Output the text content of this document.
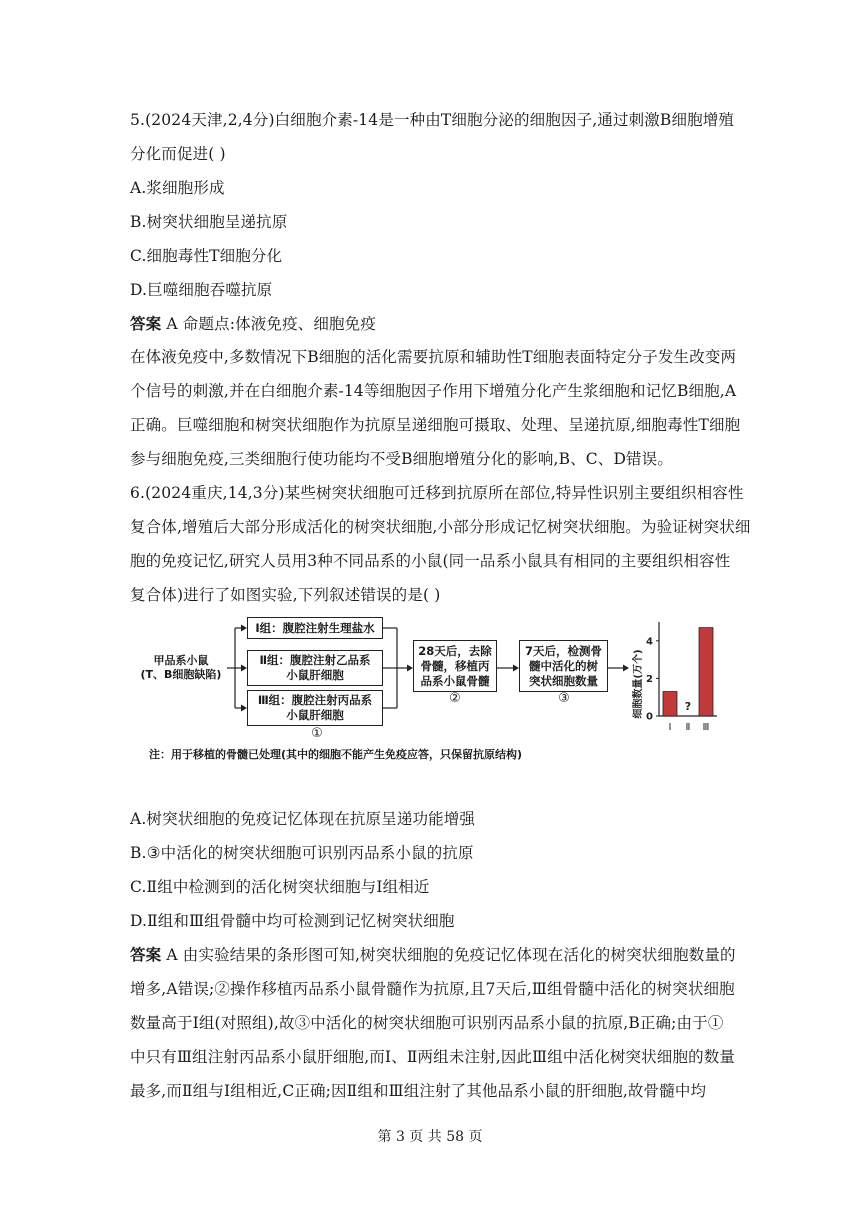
5.(2024天津,2,4分)白细胞介素-14是一种由T细胞分泌的细胞因子,通过刺激B细胞增殖
分化而促进( )
A.浆细胞形成
B.树突状细胞呈递抗原
C.细胞毒性T细胞分化
D.巨噬细胞吞噬抗原
答案 A 命题点:体液免疫、细胞免疫
在体液免疫中,多数情况下B细胞的活化需要抗原和辅助性T细胞表面特定分子发生改变两
个信号的刺激,并在白细胞介素-14等细胞因子作用下增殖分化产生浆细胞和记忆B细胞,A
正确。巨噬细胞和树突状细胞作为抗原呈递细胞可摄取、处理、呈递抗原,细胞毒性T细胞
参与细胞免疫,三类细胞行使功能均不受B细胞增殖分化的影响,B、C、D错误。
6.(2024重庆,14,3分)某些树突状细胞可迁移到抗原所在部位,特异性识别主要组织相容性
复合体,增殖后大部分形成活化的树突状细胞,小部分形成记忆树突状细胞。为验证树突状细
胞的免疫记忆,研究人员用3种不同品系的小鼠(同一品系小鼠具有相同的主要组织相容性
复合体)进行了如图实验,下列叙述错误的是( )
甲品系小鼠
(T、B细胞缺陷)
Ⅰ组：腹腔注射生理盐水
Ⅱ组：腹腔注射乙品系
小鼠肝细胞
Ⅲ组：腹腔注射丙品系
小鼠肝细胞
①
28天后，去除
骨髓，移植丙
品系小鼠骨髓
②
7天后，检测骨
髓中活化的树
突状细胞数量
③	细胞数量(万个) 0
2
4
Ⅰ
?
Ⅱ Ⅲ
注：用于移植的骨髓已处理(其中的细胞不能产生免疫应答，只保留抗原结构)
A.树突状细胞的免疫记忆体现在抗原呈递功能增强
B.③中活化的树突状细胞可识别丙品系小鼠的抗原
C.Ⅱ组中检测到的活化树突状细胞与Ⅰ组相近
D.Ⅱ组和Ⅲ组骨髓中均可检测到记忆树突状细胞
答案 A 由实验结果的条形图可知,树突状细胞的免疫记忆体现在活化的树突状细胞数量的
增多,A错误;②操作移植丙品系小鼠骨髓作为抗原,且7天后,Ⅲ组骨髓中活化的树突状细胞
数量高于Ⅰ组(对照组),故③中活化的树突状细胞可识别丙品系小鼠的抗原,B正确;由于①
中只有Ⅲ组注射丙品系小鼠肝细胞,而Ⅰ、Ⅱ两组未注射,因此Ⅲ组中活化树突状细胞的数量
最多,而Ⅱ组与Ⅰ组相近,C正确;因Ⅱ组和Ⅲ组注射了其他品系小鼠的肝细胞,故骨髓中均
第 3 页 共 58 页
